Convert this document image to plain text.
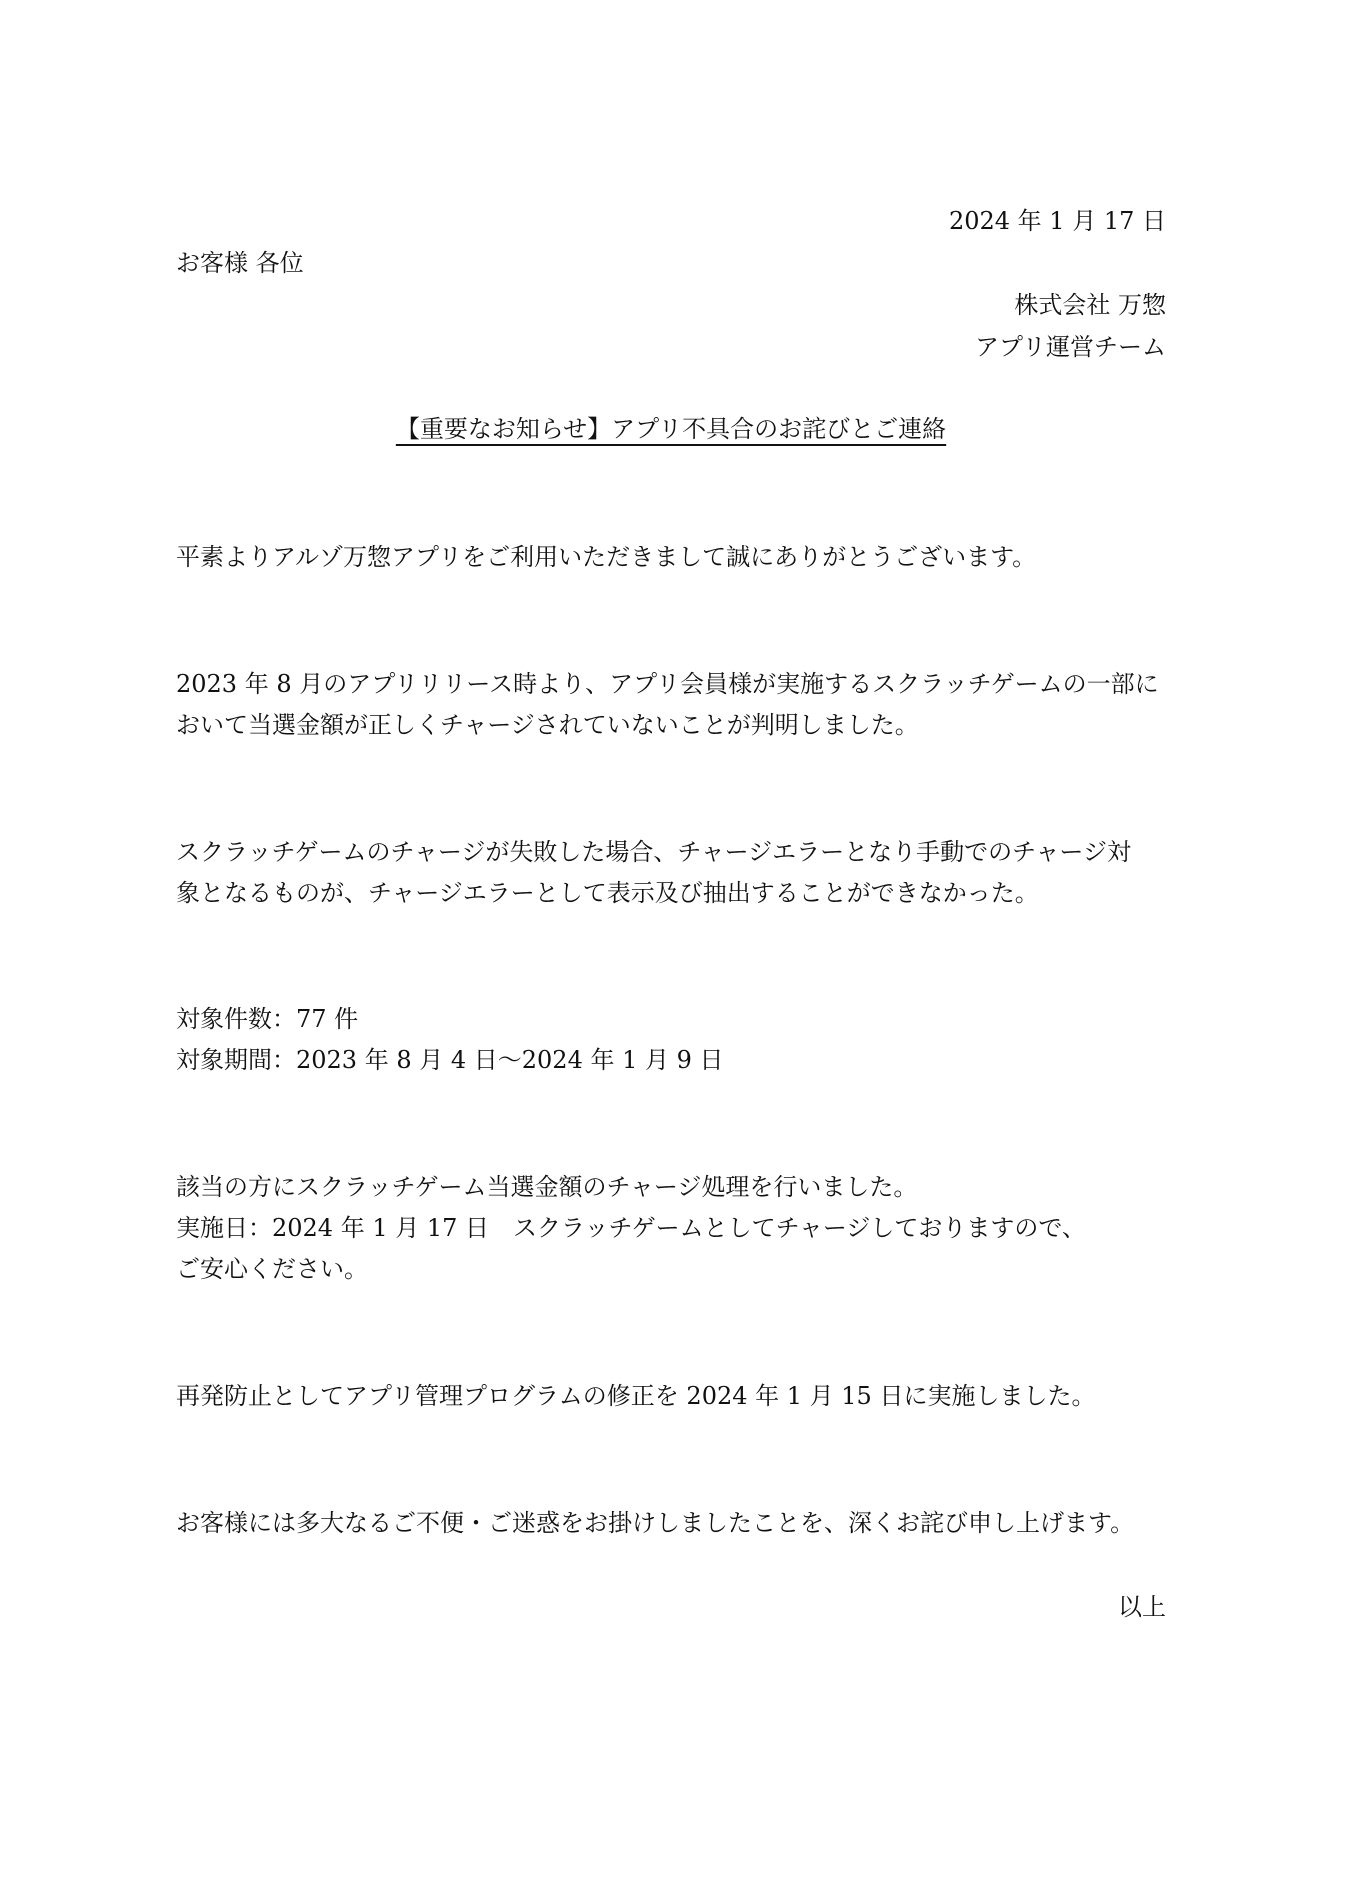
2024 年 1 月 17 日
お客様 各位
株式会社 万惣
アプリ運営チーム
【重要なお知らせ】アプリ不具合のお詫びとご連絡
平素よりアルゾ万惣アプリをご利用いただきまして誠にありがとうございます。
2023 年 8 月のアプリリリース時より、アプリ会員様が実施するスクラッチゲームの一部に
おいて当選金額が正しくチャージされていないことが判明しました。
スクラッチゲームのチャージが失敗した場合、チャージエラーとなり手動でのチャージ対
象となるものが、チャージエラーとして表示及び抽出することができなかった。
対象件数：77 件
対象期間：2023 年 8 月 4 日～2024 年 1 月 9 日
該当の方にスクラッチゲーム当選金額のチャージ処理を行いました。
実施日：2024 年 1 月 17 日　スクラッチゲームとしてチャージしておりますので、
ご安心ください。
再発防止としてアプリ管理プログラムの修正を 2024 年 1 月 15 日に実施しました。
お客様には多大なるご不便・ご迷惑をお掛けしましたことを、深くお詫び申し上げます。
以上
